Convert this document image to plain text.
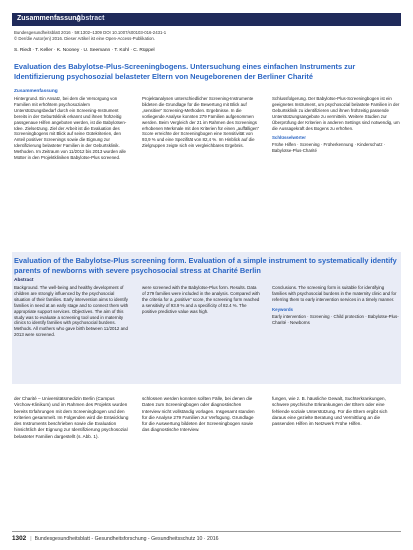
Zusammenfassung
Abstract
Bundesgesundheitsblatt 2016 · 59:1302–1309 DOI 10.1007/s00103-016-2431-1
© Der/die Autor(en) 2016. Dieser Artikel ist eine Open-Access-Publikation.
S. Riedt · T. Keller · K. Nooney · U. Seemann · T. Kohl · C. Rüppel
Evaluation des Babylotse-Plus-Screeningbogens. Untersuchung eines einfachen Instruments zur Identifizierung psychosozial belasteter Eltern von Neugeborenen der Berliner Charité
Zusammenfassung

Hintergrund. Ein Ansatz, bei dem die Versorgung von Familien mit erhöhtem psychosozialem Unterstützungsbedarf durch ein Screening-Instrument bereits in der Geburtsklinik erkannt und ihnen frühzeitig passgenaue Hilfen angeboten werden, ist die Babylotsen-Idee. Zielsetzung. Ziel der Arbeit ist die Evaluation des Screeningbogens mit Blick auf seine Gütekriterien, den Anteil positiver Screenings sowie die Eignung zur Identifizierung belasteter Familien in der Geburtsklinik. Methoden. Im Zeitraum von 11/2012 bis 2013 wurden alle Mütter in den Projektkliniken Babylotse-Plus screened.

Projektanalysen unterschiedlicher Screening-Instrumente bildeten die Grundlage für die Bewertung mit Blick auf „sensitive“ Screening-Methoden. Ergebnisse. In die vorliegende Analyse konnten 279 Familien aufgenommen werden. Beim Vergleich der 21 im Rahmen des Screenings erhobenen Merkmale mit den Kriterien für einen „auffälligen“ Score erreichte der Screeningbogen eine Sensitivität von 93,9 % und eine Spezifität von 82,4 %. Im Hinblick auf die Zielgruppen zeigte sich ein vergleichbares Ergebnis.

Schlussfolgerung. Der Babylotse-Plus-Screeningbogen ist ein geeignetes Instrument, um psychosozial belastete Familien in der Geburtsklinik zu identifizieren und ihnen frühzeitig passende Unterstützungsangebote zu vermitteln. Weitere Studien zur Überprüfung der Kriterien in anderen Settings sind notwendig, um die Aussagekraft des Bogens zu erhöhen.

Schlüsselwörter

Frühe Hilfen · Screening · Früherkennung · Kinderschutz · Babylotse-Plus-Charité

Evaluation of the Babylotse-Plus screening form. Evaluation of a simple instrument to systematically identify parents of newborns with severe psychosocial stress at Charité Berlin
Abstract

Background. The well-being and healthy development of children are strongly influenced by the psychosocial situation of their families. Early intervention aims to identify families in need at an early stage and to connect them with appropriate support services. Objectives. The aim of this study was to evaluate a screening tool used in maternity clinics to identify families with psychosocial burdens. Methods. All mothers who gave birth between 11/2012 and 2013 were screened.

were screened with the Babylotse-Plus form. Results. Data of 279 families were included in the analysis. Compared with the criteria for a „positive“ score, the screening form reached a sensitivity of 93.9 % and a specificity of 82.4 %. The positive predictive value was high.

Conclusions. The screening form is suitable for identifying families with psychosocial burdens in the maternity clinic and for referring them to early intervention services in a timely manner.

Keywords

Early intervention · Screening · Child protection · Babylotse-Plus-Charité · Newborns

der Charité – Universitätsmedizin Berlin (Campus Virchow-Klinikum) und im Rahmen des Projekts wurden bereits Erfahrungen mit dem Screeningbogen und den Kriterien gesammelt. Im Folgenden wird die Entwicklung des Instruments beschrieben sowie die Evaluation hinsichtlich der Eignung zur Identifizierung psychosozial belasteter Familien dargestellt (s. Abb. 1).

schlossen werden konnten sollten Fälle, bei denen die Daten zum Screeningbogen oder diagnostischen Interview nicht vollständig vorlagen. Insgesamt standen für die Analyse 279 Familien zur Verfügung. Grundlage für die Auswertung bildeten der Screeningbogen sowie das diagnostische Interview.

fungen, wie z. B. häusliche Gewalt, Suchterkrankungen, schwere psychische Erkrankungen der Eltern oder eine fehlende soziale Unterstützung. Für die Eltern ergibt sich daraus eine gezielte Beratung und Vermittlung an die passenden Hilfen im Netzwerk Frühe Hilfen.

1302 | Bundesgesundheitsblatt - Gesundheitsforschung - Gesundheitsschutz 10 · 2016
